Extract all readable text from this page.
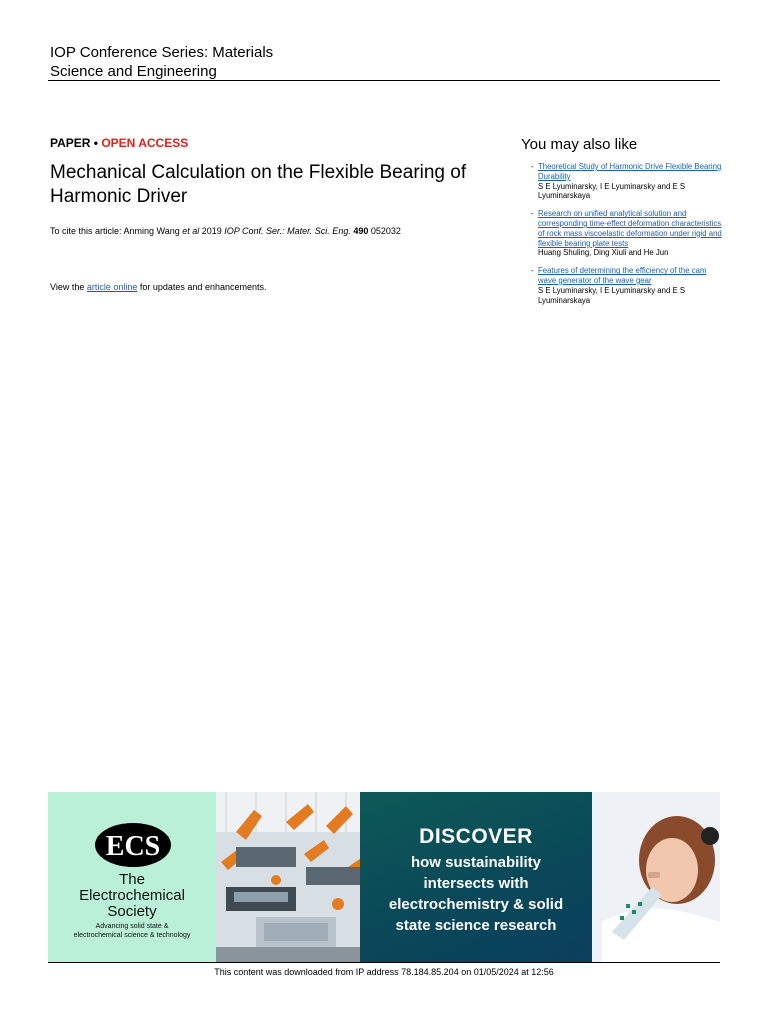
IOP Conference Series: Materials
Science and Engineering
PAPER • OPEN ACCESS
Mechanical Calculation on the Flexible Bearing of Harmonic Driver
To cite this article: Anming Wang et al 2019 IOP Conf. Ser.: Mater. Sci. Eng. 490 052032
View the article online for updates and enhancements.
You may also like
- Theoretical Study of Harmonic Drive Flexible Bearing Durability
S E Lyuminarsky, I E Lyuminarsky and E S Lyuminarskaya
- Research on unified analytical solution and corresponding time-effect deformation characteristics of rock mass viscoelastic deformation under rigid and flexible bearing plate tests
Huang Shuling, Ding Xiuli and He Jun
- Features of determining the efficiency of the cam wave generator of the wave gear
S E Lyuminarsky, I E Lyuminarsky and E S Lyuminarskaya
ECS
The
Electrochemical
Society
Advancing solid state &
electrochemical science & technology
DISCOVER
how sustainability
intersects with
electrochemistry & solid
state science research
This content was downloaded from IP address 78.184.85.204 on 01/05/2024 at 12:56
